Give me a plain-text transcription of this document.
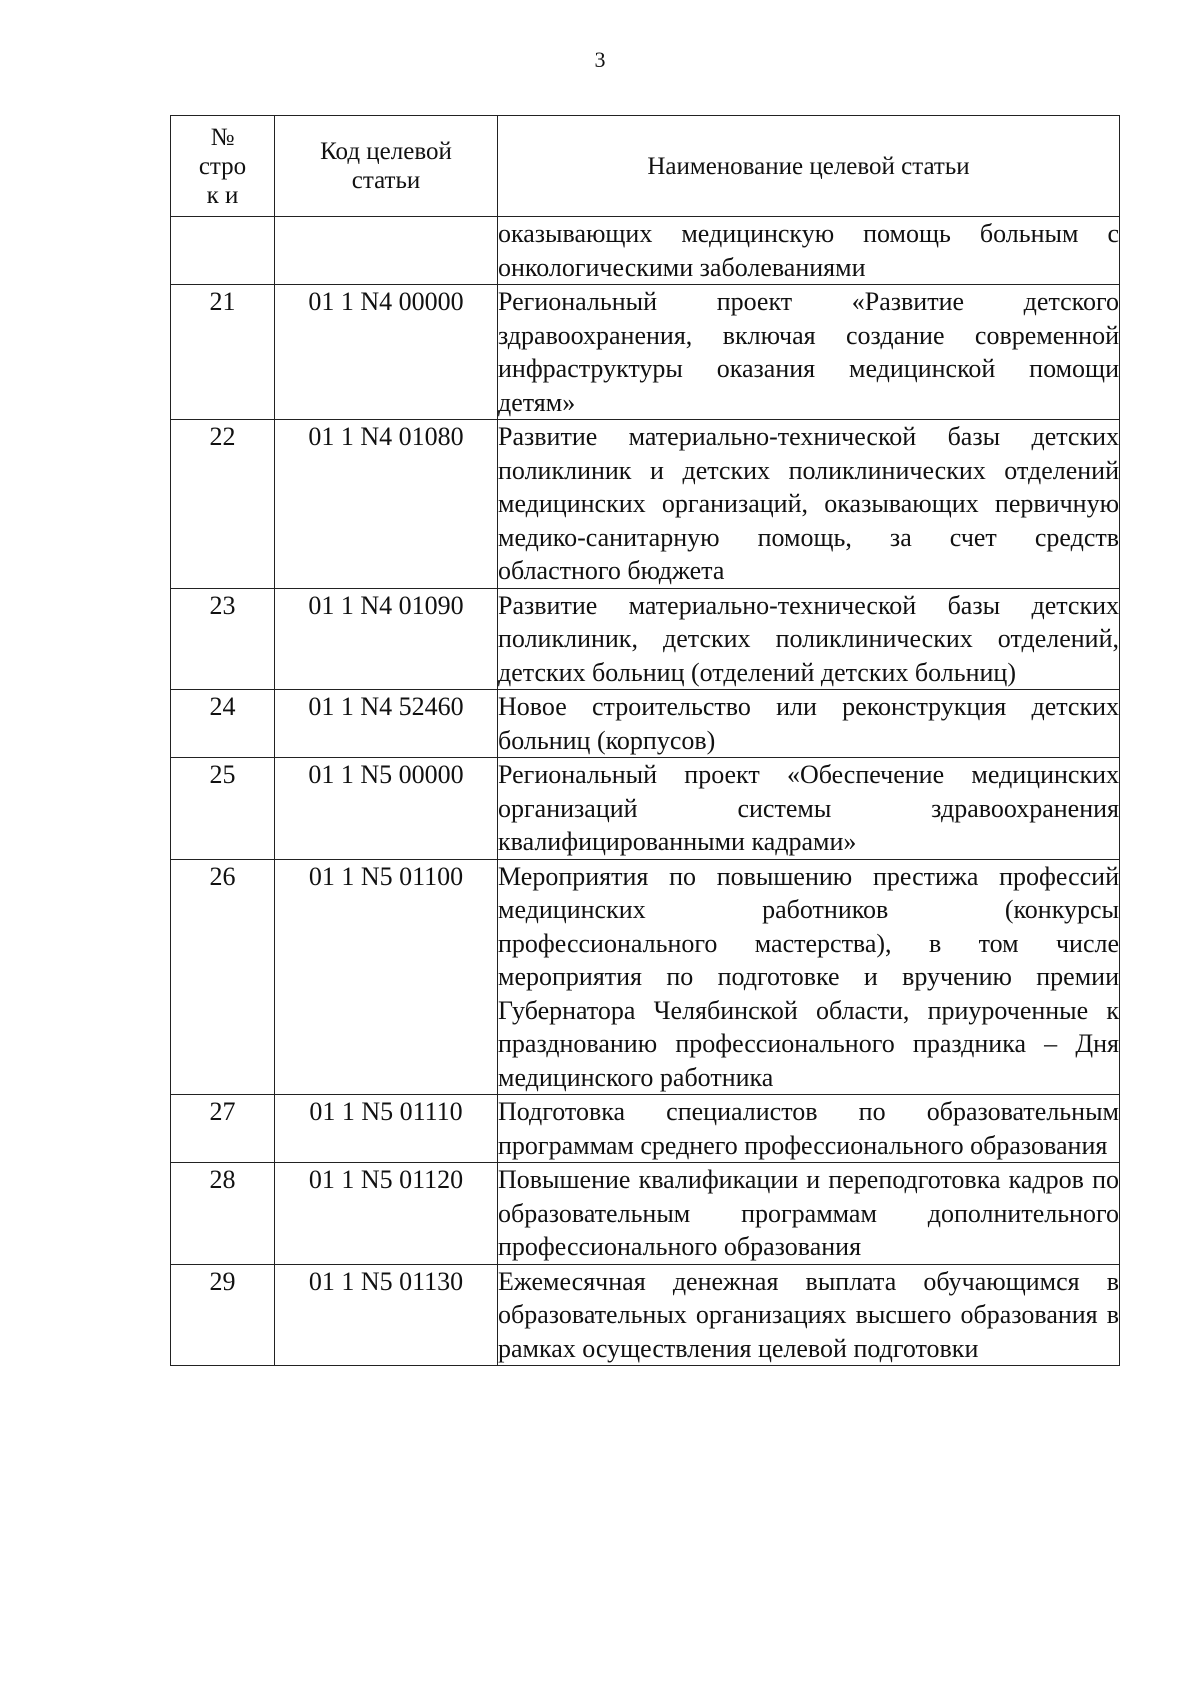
3
№ строк и	Код целевой статьи	Наименование целевой статьи

		оказывающих медицинскую помощь больным с онкологическими заболеваниями
21	01 1 N4 00000	Региональный проект «Развитие детского здравоохранения, включая создание современной инфраструктуры оказания медицинской помощи детям»
22	01 1 N4 01080	Развитие материально-технической базы детских поликлиник и детских поликлинических отделений медицинских организаций, оказывающих первичную медико-санитарную помощь, за счет средств областного бюджета
23	01 1 N4 01090	Развитие материально-технической базы детских поликлиник, детских поликлинических отделений, детских больниц (отделений детских больниц)
24	01 1 N4 52460	Новое строительство или реконструкция детских больниц (корпусов)
25	01 1 N5 00000	Региональный проект «Обеспечение медицинских организаций системы здравоохранения квалифицированными кадрами»
26	01 1 N5 01100	Мероприятия по повышению престижа профессий медицинских работников (конкурсы профессионального мастерства), в том числе мероприятия по подготовке и вручению премии Губернатора Челябинской области, приуроченные к празднованию профессионального праздника – Дня медицинского работника
27	01 1 N5 01110	Подготовка специалистов по образовательным программам среднего профессионального образования
28	01 1 N5 01120	Повышение квалификации и переподготовка кадров по образовательным программам дополнительного профессионального образования
29	01 1 N5 01130	Ежемесячная денежная выплата обучающимся в образовательных организациях высшего образования в рамках осуществления целевой подготовки
